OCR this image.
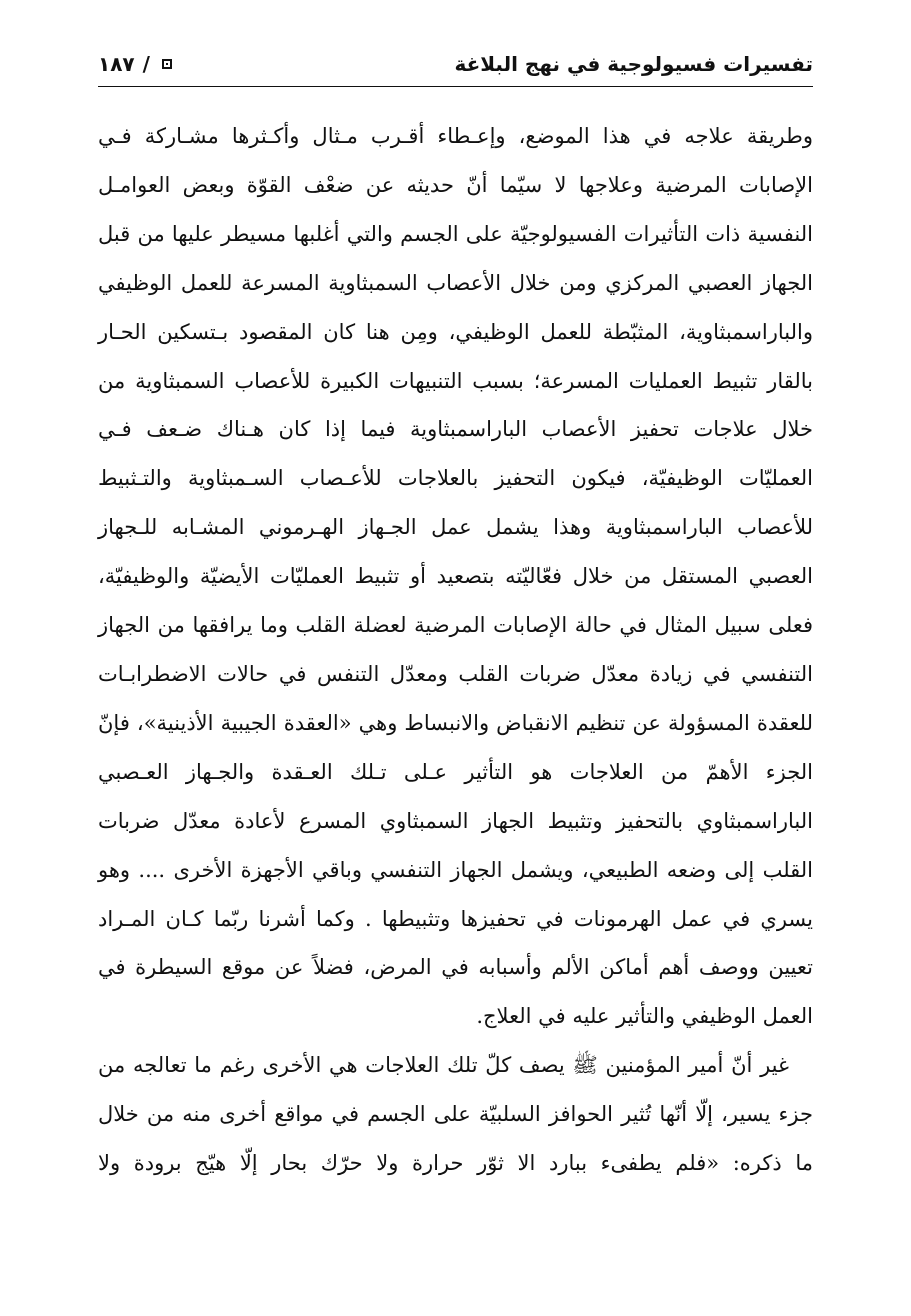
تفسيرات فسيولوجية في نهج البلاغة
١٨٧ /

وطريقة علاجه في هذا الموضع، وإعـطاء أقـرب مـثال وأكـثرها مشـاركة فـي الإصابات المرضية وعلاجها لا سيّما أنّ حديثه عن ضعْف القوّة وبعض العوامـل النفسية ذات التأثيرات الفسيولوجيّة على الجسم والتي أغلبها مسيطر عليها من قبل الجهاز العصبي المركزي ومن خلال الأعصاب السمبثاوية المسرعة للعمل الوظيفي والباراسمبثاوية، المثبّطة للعمل الوظيفي، ومِن هنا كان المقصود بـتسكين الحـار بالقار تثبيط العمليات المسرعة؛ بسبب التنبيهات الكبيرة للأعصاب السمبثاوية من خلال علاجات تحفيز الأعصاب الباراسمبثاوية فيما إذا كان هـناك ضـعف فـي العمليّات الوظيفيّة، فيكون التحفيز بالعلاجات للأعـصاب السـمبثاوية والتـثبيط للأعصاب الباراسمبثاوية وهذا يشمل عمل الجـهاز الهـرموني المشـابه للـجهاز العصبي المستقل من خلال فعّاليّته بتصعيد أو تثبيط العمليّات الأيضيّة والوظيفيّة، فعلى سبيل المثال في حالة الإصابات المرضية لعضلة القلب وما يرافقها من الجهاز التنفسي في زيادة معدّل ضربات القلب ومعدّل التنفس في حالات الاضطرابـات للعقدة المسؤولة عن تنظيم الانقباض والانبساط وهي «العقدة الجيبية الأذينية»، فإنّ الجزء الأهمّ من العلاجات هو التأثير عـلى تـلك العـقدة والجـهاز العـصبي الباراسمبثاوي بالتحفيز وتثبيط الجهاز السمبثاوي المسرع لأعادة معدّل ضربات القلب إلى وضعه الطبيعي، ويشمل الجهاز التنفسي وباقي الأجهزة الأخرى .... وهو يسري في عمل الهرمونات في تحفيزها وتثبيطها . وكما أشرنا ربّما كـان المـراد تعيين ووصف أهم أماكن الألم وأسبابه في المرض، فضلاً عن موقع السيطرة في العمل الوظيفي والتأثير عليه في العلاج.

غير أنّ أمير المؤمنين ﷺ يصف كلّ تلك العلاجات هي الأخرى رغم ما تعالجه من جزء يسير، إلّا أنّها تُثير الحوافز السلبيّة على الجسم في مواقع أخرى منه من خلال ما ذكره: «فلم يطفىء ببارد الا ثوّر حرارة ولا حرّك بحار إلّا هيّج برودة ولا
